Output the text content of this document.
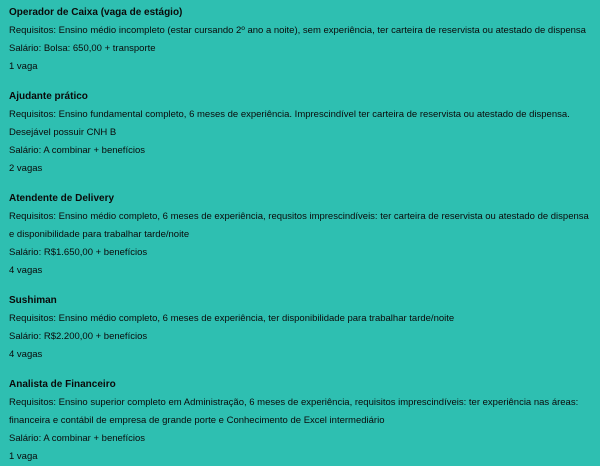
Operador de Caixa (vaga de estágio)
Requisitos: Ensino médio incompleto (estar cursando 2º ano a noite), sem experiência, ter carteira de reservista ou atestado de dispensa
Salário: Bolsa: 650,00 + transporte
1 vaga
Ajudante prático
Requisitos: Ensino fundamental completo, 6 meses de experiência. Imprescindível ter carteira de reservista ou atestado de dispensa.
Desejável possuir CNH B
Salário: A combinar + benefícios
2 vagas
Atendente de Delivery
Requisitos: Ensino médio completo, 6 meses de experiência, requsitos imprescindíveis: ter carteira de reservista ou atestado de dispensa
e disponibilidade para trabalhar tarde/noite
Salário: R$1.650,00 + benefícios
4 vagas
Sushiman
Requisitos: Ensino médio completo, 6 meses de experiência, ter disponibilidade para trabalhar tarde/noite
Salário: R$2.200,00 + benefícios
4 vagas
Analista de Financeiro
Requisitos: Ensino superior completo em Administração, 6 meses de experiência, requisitos imprescindíveis: ter experiência nas áreas:
financeira e contábil de empresa de grande porte e Conhecimento de Excel intermediário
Salário: A combinar + benefícios
1 vaga
